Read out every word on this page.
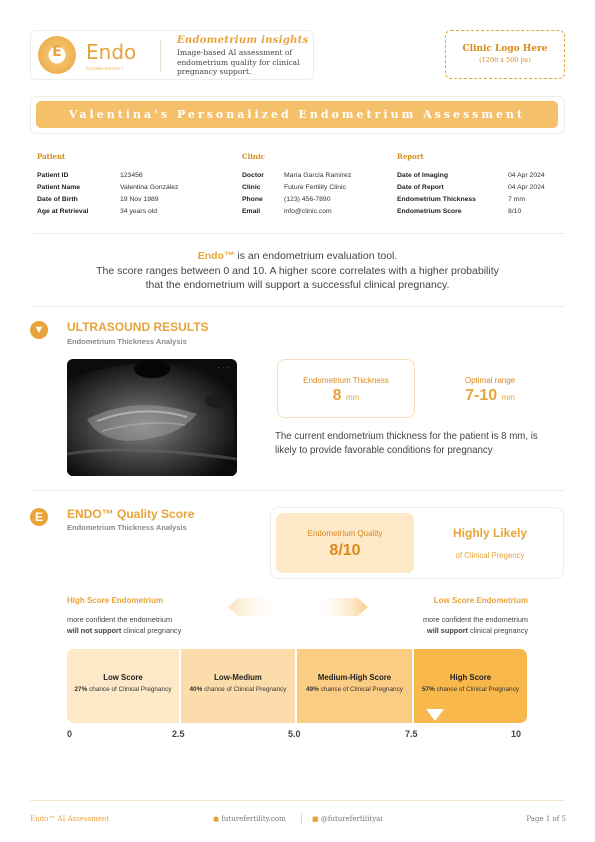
E	Endo
FUTURE FERTILITY
Endometrium insights
Image-based AI assessment of endometrium quality for clinical pregnancy support.
Clinic Logo Here
(1200 x 500 px)
Valentina’s Personalized Endometrium Assessment
Patient	Clinic	Report
Patient ID	123456
Patient Name	Valentina González
Date of Birth	19 Nov 1989
Age at Retrieval	34 years old
Doctor	María García Ramírez
Clinic	Future Fertility Clinic
Phone	(123) 456-7890
Email	info@clinic.com
Date of Imaging	04 Apr 2024
Date of Report	04 Apr 2024
Endometrium Thickness	7 mm
Endometrium Score	8/10
Endo™ is an endometrium evaluation tool.
The score ranges between 0 and 10. A higher score correlates with a higher probability
that the endometrium will support a successful clinical pregnancy.
▼ ULTRASOUND RESULTS
Endometrium Thickness Analysis
· · ·
Endometrium Thickness
8 mm
Optimal range
7-10 mm
The current endometrium thickness for the patient is 8 mm, is likely to provide favorable conditions for pregnancy
E	ENDO™ Quality Score
Endometrium Thickness Analysis
Endometrium Quality
8/10
Highly Likely
of Clinical Pregency
High Score Endometrium
more confident the endometrium
will not support clinical pregnancy
Low Score Endometrium
more confident the endometrium
will support clinical pregnancy
Low Score
27% chance of Clinical Pregnancy
Low-Medium
40% chance of Clinical Pregnancy
Medium-High Score
49% chance of Clinical Pregnancy
High Score
57% chance of Clinical Pregnancy
0	2.5	5.0	7.5	10
Endo™ AI Assessment	● futurefertility.com	■ @futurefertilityai	Page 1 of 5
